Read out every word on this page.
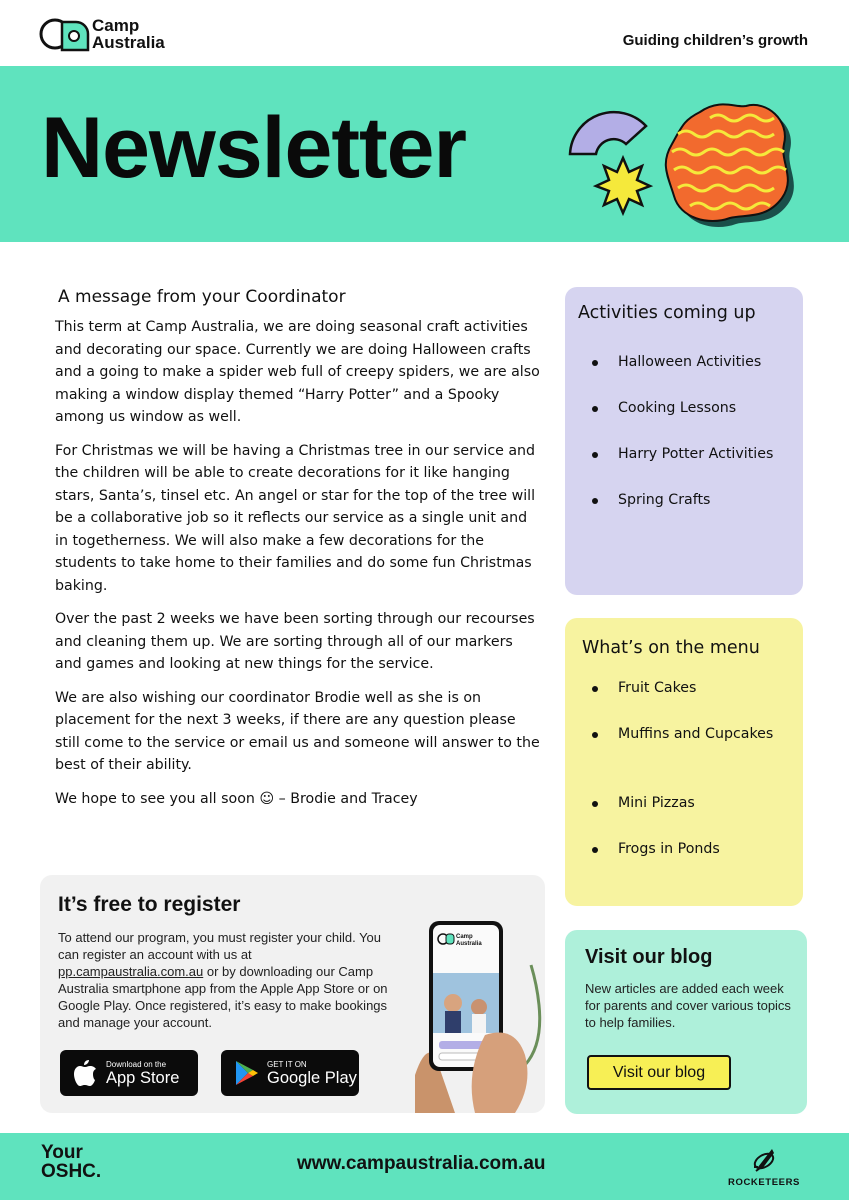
Camp
Australia	Guiding children’s growth
Newsletter
A message from your Coordinator

This term at Camp Australia, we are doing seasonal craft activities and decorating our space. Currently we are doing Halloween crafts and a going to make a spider web full of creepy spiders, we are also making a window display themed “Harry Potter” and a Spooky among us window as well.

For Christmas we will be having a Christmas tree in our service and the children will be able to create decorations for it like hanging stars, Santa’s, tinsel etc. An angel or star for the top of the tree will be a collaborative job so it reflects our service as a single unit and in togetherness. We will also make a few decorations for the students to take home to their families and do some fun Christmas baking.

Over the past 2 weeks we have been sorting through our recourses and cleaning them up. We are sorting through all of our markers and games and looking at new things for the service.

We are also wishing our coordinator Brodie well as she is on placement for the next 3 weeks, if there are any question please still come to the service or email us and someone will answer to the best of their ability.

We hope to see you all soon ☺ – Brodie and Tracey

Activities coming up
Halloween Activities
Cooking Lessons
Harry Potter Activities
Spring Crafts
What’s on the menu
Fruit Cakes
Muffins and Cupcakes
Mini Pizzas
Frogs in Ponds
It’s free to register
To attend our program, you must register your child. You can register an account with us at pp.campaustralia.com.au or by downloading our Camp Australia smartphone app from the Apple App Store or on Google Play. Once registered, it’s easy to make bookings and manage your account.
Download on the
App Store
GET IT ON
Google Play
Camp
Australia
Visit our blog
New articles are added each week for parents and cover various topics to help families.
Visit our blog
Your
OSHC.	www.campaustralia.com.au
ROCKETEERS
